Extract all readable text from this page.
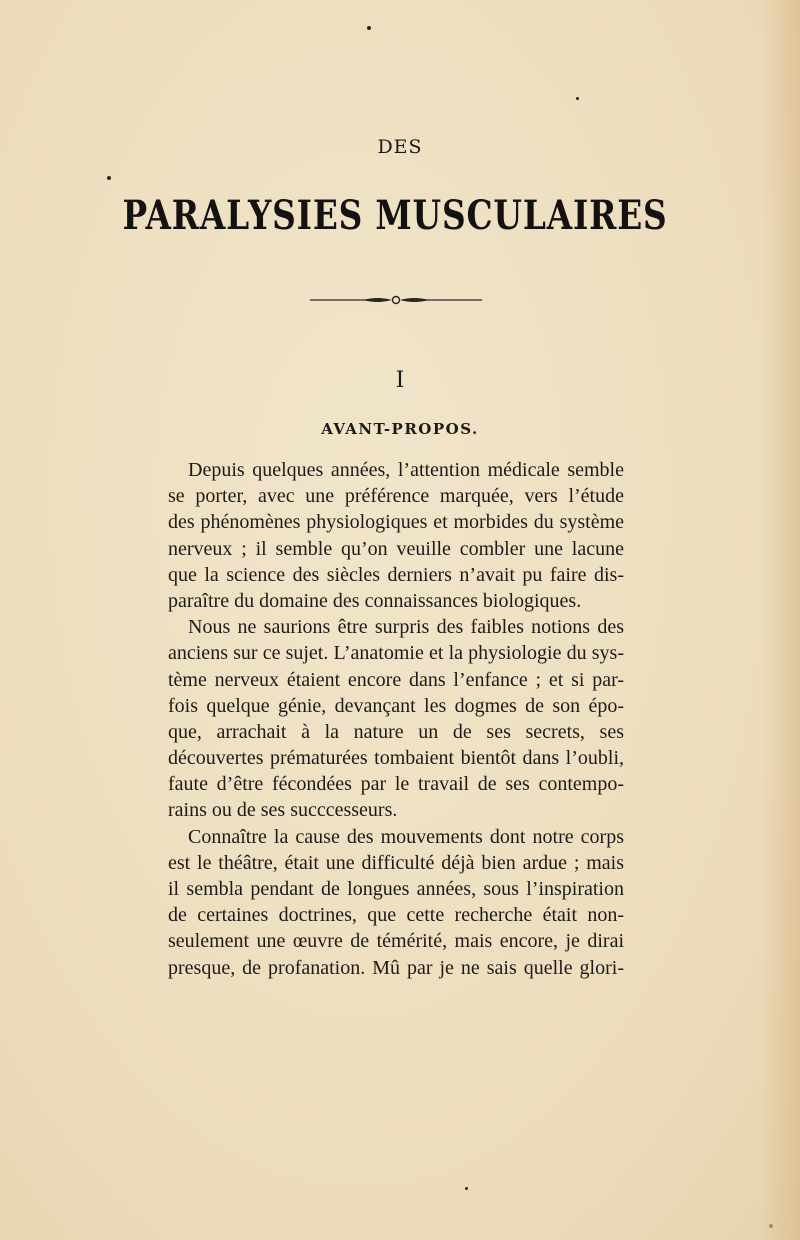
DES
PARALYSIES MUSCULAIRES
I
AVANT-PROPOS.
Depuis quelques années, l’attention médicale semble
se porter, avec une préférence marquée, vers l’étude
des phénomènes physiologiques et morbides du système
nerveux ; il semble qu’on veuille combler une lacune
que la science des siècles derniers n’avait pu faire dis-
paraître du domaine des connaissances biologiques.
Nous ne saurions être surpris des faibles notions des
anciens sur ce sujet. L’anatomie et la physiologie du sys-
tème nerveux étaient encore dans l’enfance ; et si par-
fois quelque génie, devançant les dogmes de son épo-
que, arrachait à la nature un de ses secrets, ses
découvertes prématurées tombaient bientôt dans l’oubli,
faute d’être fécondées par le travail de ses contempo-
rains ou de ses succcesseurs.
Connaître la cause des mouvements dont notre corps
est le théâtre, était une difficulté déjà bien ardue ; mais
il sembla pendant de longues années, sous l’inspiration
de certaines doctrines, que cette recherche était non-
seulement une œuvre de témérité, mais encore, je dirai
presque, de profanation. Mû par je ne sais quelle glori-
